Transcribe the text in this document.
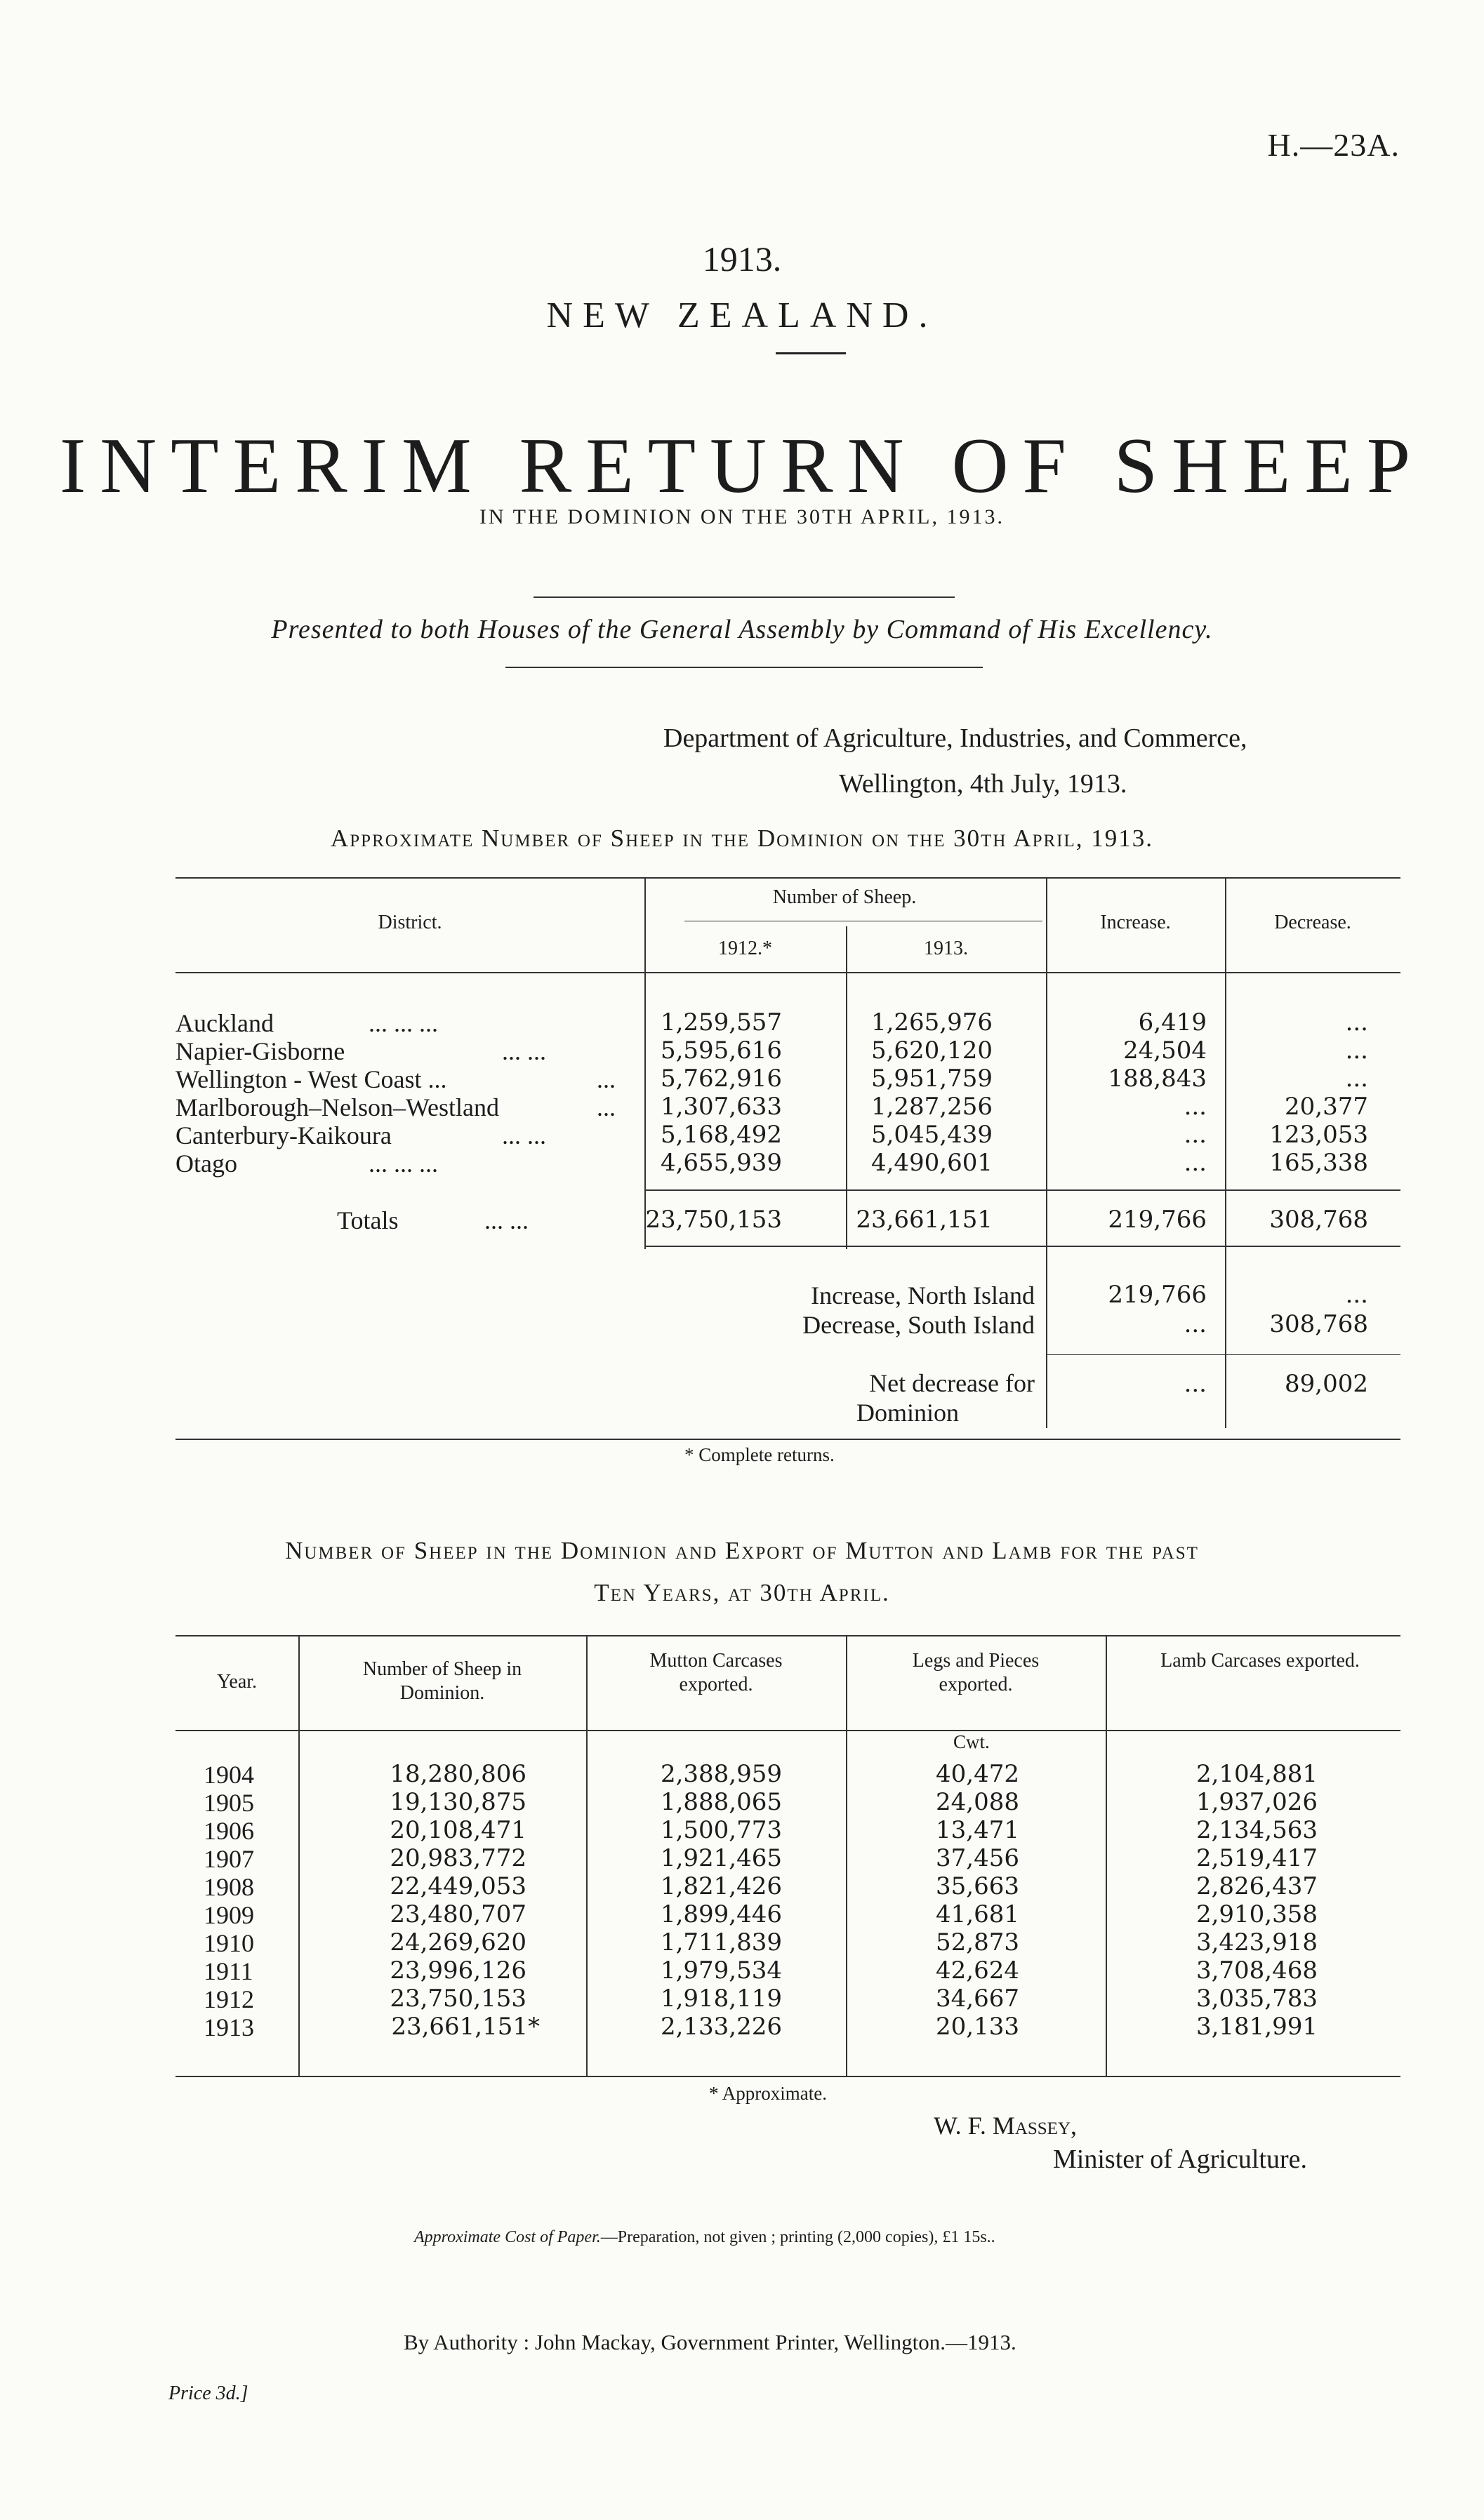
H.—23A.
1913.
NEW ZEALAND.
INTERIM RETURN OF SHEEP
IN THE DOMINION ON THE 30TH APRIL, 1913.
Presented to both Houses of the General Assembly by Command of His Excellency.
Department of Agriculture, Industries, and Commerce,
Wellington, 4th July, 1913.
Approximate Number of Sheep in the Dominion on the 30th April, 1913.
District.
Number of Sheep.
1912.*	1913.
Increase.	Decrease.
Auckland	... ... ...	1,259,557	1,265,976	6,419	...
Napier-Gisborne	... ...	5,595,616	5,620,120	24,504	...
Wellington - West Coast ...	... 5,762,916	5,951,759	188,843	...
Marlborough–Nelson–Westland	... 1,307,633	1,287,256	...	20,377
Canterbury-Kaikoura	... ...	5,168,492	5,045,439	...	123,053
Otago	... ... ...	4,655,939	4,490,601	...	165,338
Totals	... ...	23,750,153	23,661,151	219,766	308,768
Increase, North Island	219,766	...
Decrease, South Island	...	308,768
Net decrease for
Dominion
...	89,002
* Complete returns.
Number of Sheep in the Dominion and Export of Mutton and Lamb for the past
Ten Years, at 30th April.
Year.
Number of Sheep in Dominion.
Mutton Carcases exported.
Legs and Pieces exported.
Lamb Carcases exported.
Cwt.
1904	18,280,806	2,388,959	40,472	2,104,881
1905	19,130,875	1,888,065	24,088	1,937,026
1906	20,108,471	1,500,773	13,471	2,134,563
1907	20,983,772	1,921,465	37,456	2,519,417
1908	22,449,053	1,821,426	35,663	2,826,437
1909	23,480,707	1,899,446	41,681	2,910,358
1910	24,269,620	1,711,839	52,873	3,423,918
1911	23,996,126	1,979,534	42,624	3,708,468
1912	23,750,153	1,918,119	34,667	3,035,783
1913	23,661,151*	2,133,226	20,133	3,181,991
* Approximate.
W. F. Massey,
Minister of Agriculture.
Approximate Cost of Paper.—Preparation, not given ; printing (2,000 copies), £1 15s..
By Authority : John Mackay, Government Printer, Wellington.—1913.
Price 3d.]
